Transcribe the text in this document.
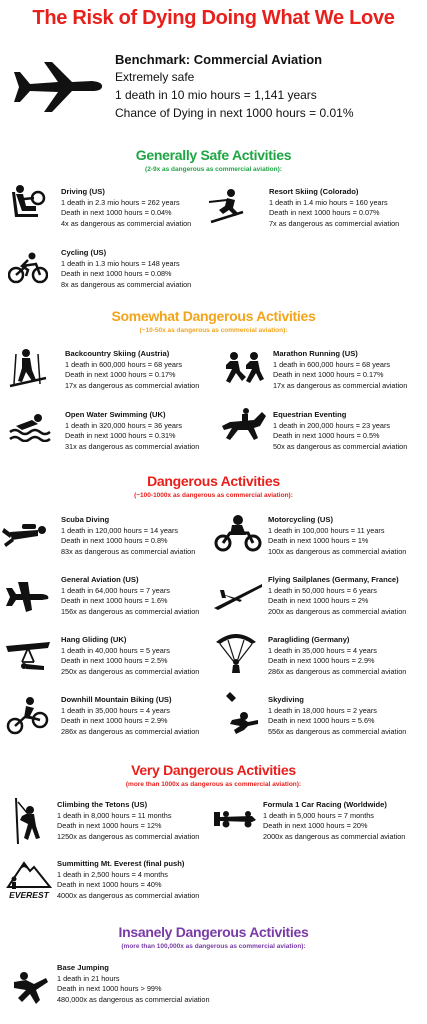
The Risk of Dying Doing What We Love
Benchmark: Commercial Aviation
Extremely safe
1 death in 10 mio hours = 1,141 years
Chance of Dying in next 1000 hours = 0.01%
Generally Safe Activities
(2-9x as dangerous as commercial aviation):
Driving (US)
1 death in 2.3 mio hours = 262 years
Death in next 1000 hours = 0.04%
4x as dangerous as commercial aviation
Resort Skiing (Colorado)
1 death in 1.4 mio hours = 160 years
Death in next 1000 hours = 0.07%
7x as dangerous as commercial aviation
Cycling (US)
1 death in 1.3 mio hours = 148 years
Death in next 1000 hours = 0.08%
8x as dangerous as commercial aviation
Somewhat Dangerous Activities
(~10-50x as dangerous as commercial aviation):
Backcountry Skiing (Austria)
1 death in 600,000 hours = 68 years
Death in next 1000 hours = 0.17%
17x as dangerous as commercial aviation
Marathon Running (US)
1 death in 600,000 hours = 68 years
Death in next 1000 hours = 0.17%
17x as dangerous as commercial aviation
Open Water Swimming (UK)
1 death in 320,000 hours = 36 years
Death in next 1000 hours = 0.31%
31x as dangerous as commercial aviation
Equestrian Eventing
1 death in 200,000 hours = 23 years
Death in next 1000 hours = 0.5%
50x as dangerous as commercial aviation
Dangerous Activities
(~100-1000x as dangerous as commercial aviation):
Scuba Diving
1 death in 120,000 hours = 14 years
Death in next 1000 hours = 0.8%
83x as dangerous as commercial aviation
Motorcycling (US)
1 death in 100,000 hours = 11 years
Death in next 1000 hours = 1%
100x as dangerous as commercial aviation
General Aviation (US)
1 death in 64,000 hours = 7 years
Death in next 1000 hours = 1.6%
156x as dangerous as commercial aviation
Flying Sailplanes (Germany, France)
1 death in 50,000 hours = 6 years
Death in next 1000 hours = 2%
200x as dangerous as commercial aviation
Hang Gliding (UK)
1 death in 40,000 hours = 5 years
Death in next 1000 hours = 2.5%
250x as dangerous as commercial aviation
Paragliding (Germany)
1 death in 35,000 hours = 4 years
Death in next 1000 hours = 2.9%
286x as dangerous as commercial aviation
Downhill Mountain Biking (US)
1 death in 35,000 hours = 4 years
Death in next 1000 hours = 2.9%
286x as dangerous as commercial aviation
Skydiving
1 death in 18,000 hours = 2 years
Death in next 1000 hours = 5.6%
556x as dangerous as commercial aviation
Very Dangerous Activities
(more than 1000x as dangerous as commercial aviation):
Climbing the Tetons (US)
1 death in 8,000 hours = 11 months
Death in next 1000 hours = 12%
1250x as dangerous as commercial aviation
Formula 1 Car Racing (Worldwide)
1 death in 5,000 hours = 7 months
Death in next 1000 hours = 20%
2000x as dangerous as commercial aviation
EVEREST
Summitting Mt. Everest (final push)
1 death in 2,500 hours = 4 months
Death in next 1000 hours = 40%
4000x as dangerous as commercial aviation
Insanely Dangerous Activities
(more than 100,000x as dangerous as commercial aviation):
Base Jumping
1 death in 21 hours
Death in next 1000 hours > 99%
480,000x as dangerous as commercial aviation
